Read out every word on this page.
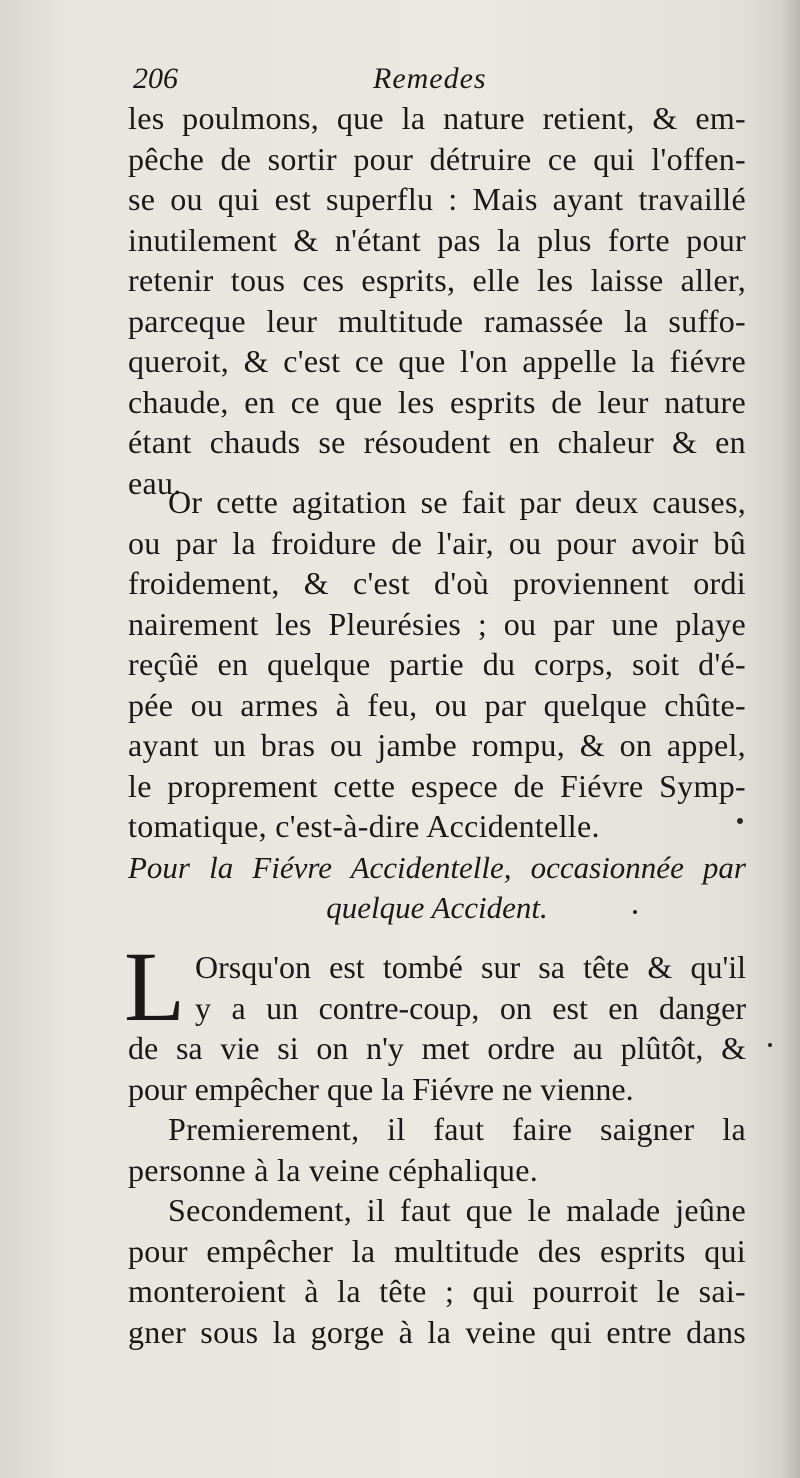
206	Remedes
les poulmons, que la nature retient, & em-
pêche de sortir pour détruire ce qui l'offen-
se ou qui est superflu : Mais ayant travaillé
inutilement & n'étant pas la plus forte pour
retenir tous ces esprits, elle les laisse aller,
parceque leur multitude ramassée la suffo-
queroit, & c'est ce que l'on appelle la fiévre
chaude, en ce que les esprits de leur nature
étant chauds se résoudent en chaleur & en
eau.
Or cette agitation se fait par deux causes,
ou par la froidure de l'air, ou pour avoir bû
froidement, & c'est d'où proviennent ordi
nairement les Pleurésies ; ou par une playe
reçûë en quelque partie du corps, soit d'é-
pée ou armes à feu, ou par quelque chûte-
ayant un bras ou jambe rompu, & on appel,
le proprement cette espece de Fiévre Symp-
tomatique, c'est-à-dire Accidentelle.
Pour la Fiévre Accidentelle, occasionnée par
quelque Accident.
L Orsqu'on est tombé sur sa tête & qu'il
y a un contre-coup, on est en danger
de sa vie si on n'y met ordre au plûtôt, &
pour empêcher que la Fiévre ne vienne.
Premierement, il faut faire saigner la
personne à la veine céphalique.
Secondement, il faut que le malade jeûne
pour empêcher la multitude des esprits qui
monteroient à la tête ; qui pourroit le sai-
gner sous la gorge à la veine qui entre dans
